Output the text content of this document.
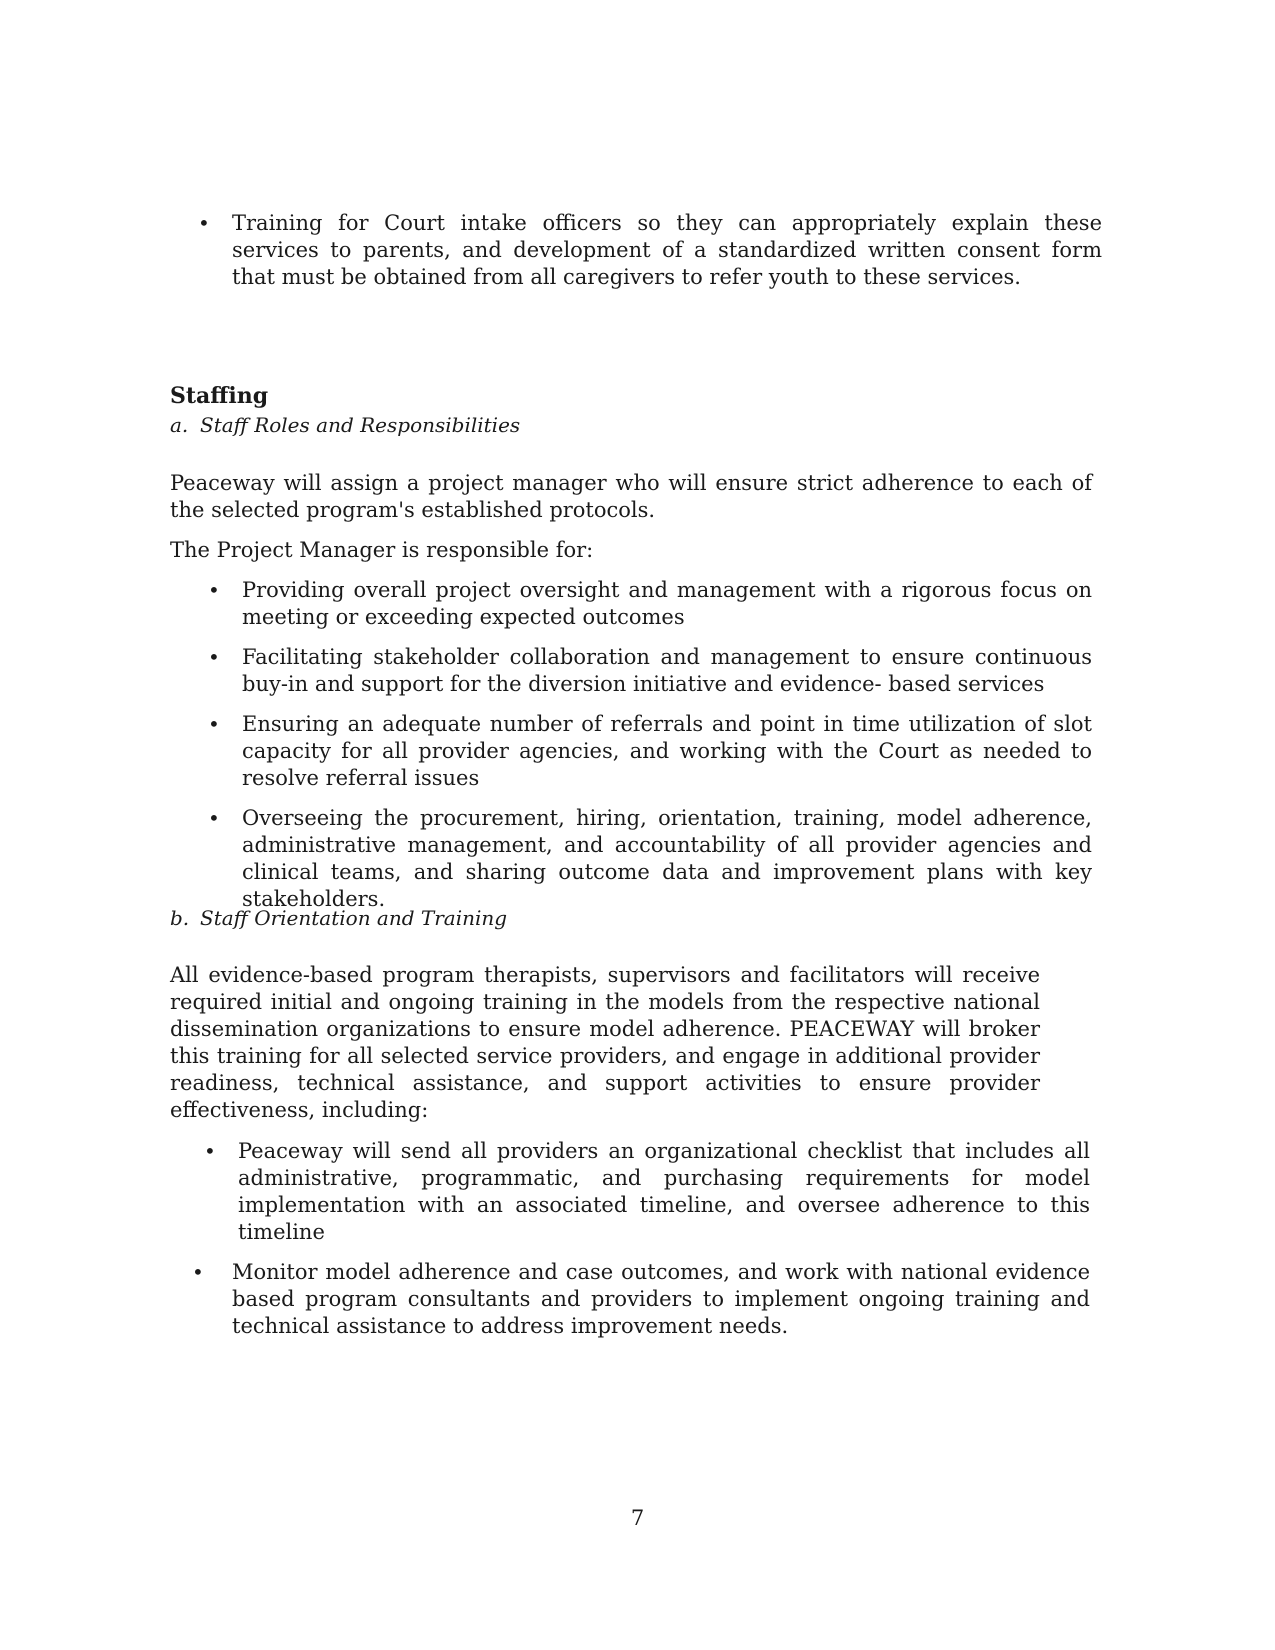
• Training for Court intake officers so they can appropriately explain these services to parents, and development of a standardized written consent form that must be obtained from all caregivers to refer youth to these services.
Staffing

a. Staff Roles and Responsibilities

Peaceway will assign a project manager who will ensure strict adherence to each of the selected program's established protocols.

The Project Manager is responsible for:

• Providing overall project oversight and management with a rigorous focus on meeting or exceeding expected outcomes
• Facilitating stakeholder collaboration and management to ensure continuous buy-in and support for the diversion initiative and evidence- based services
• Ensuring an adequate number of referrals and point in time utilization of slot capacity for all provider agencies, and working with the Court as needed to resolve referral issues
• Overseeing the procurement, hiring, orientation, training, model adherence, administrative management, and accountability of all provider agencies and clinical teams, and sharing outcome data and improvement plans with key stakeholders.

b. Staff Orientation and Training

All evidence-based program therapists, supervisors and facilitators will receive required initial and ongoing training in the models from the respective national dissemination organizations to ensure model adherence. PEACEWAY will broker this training for all selected service providers, and engage in additional provider readiness, technical assistance, and support activities to ensure provider effectiveness, including:

• Peaceway will send all providers an organizational checklist that includes all administrative, programmatic, and purchasing requirements for model implementation with an associated timeline, and oversee adherence to this timeline
• Monitor model adherence and case outcomes, and work with national evidence based program consultants and providers to implement ongoing training and technical assistance to address improvement needs.

7
